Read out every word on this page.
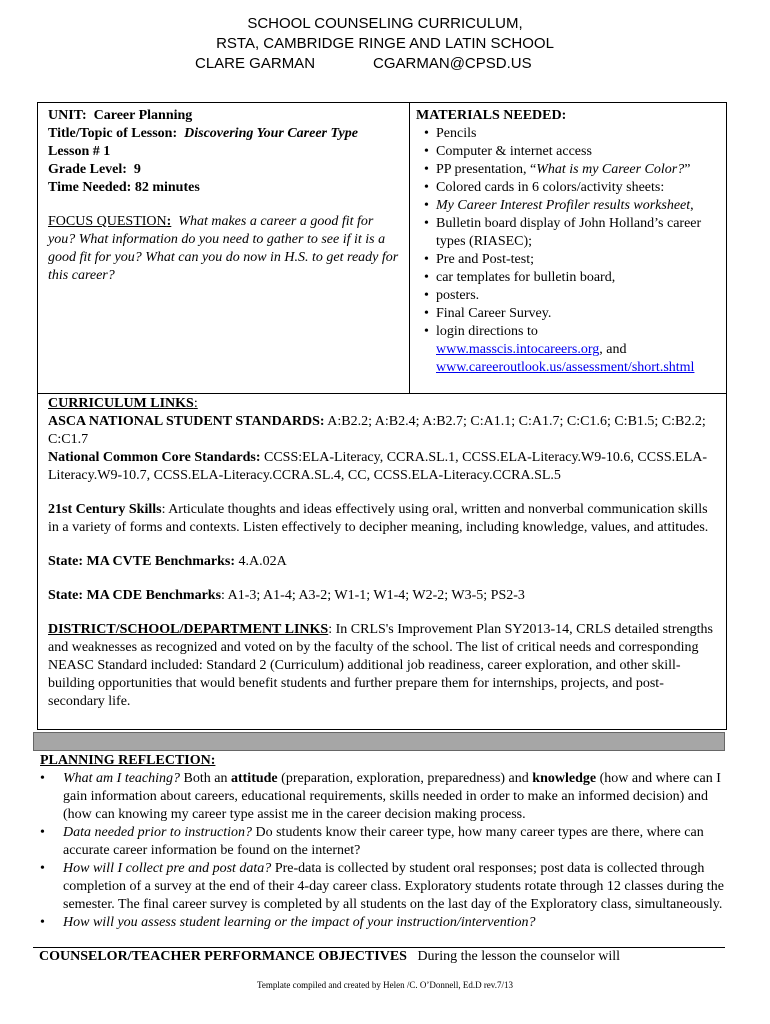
SCHOOL COUNSELING CURRICULUM,
RSTA, CAMBRIDGE RINGE AND LATIN SCHOOL
CLARE GARMAN	CGARMAN@CPSD.US
UNIT: Career Planning
Title/Topic of Lesson: Discovering Your Career Type
Lesson # 1
Grade Level: 9
Time Needed: 82 minutes
FOCUS QUESTION: What makes a career a good fit for you? What information do you need to gather to see if it is a good fit for you? What can you do now in H.S. to get ready for this career?
MATERIALS NEEDED:
• Pencils
• Computer & internet access
• PP presentation, “What is my Career Color?”
• Colored cards in 6 colors/activity sheets:
• My Career Interest Profiler results worksheet,
• Bulletin board display of John Holland’s career types (RIASEC);
• Pre and Post-test;
• car templates for bulletin board,
• posters.
• Final Career Survey.
• login directions to
www.masscis.intocareers.org, and
www.careeroutlook.us/assessment/short.shtml
CURRICULUM LINKS:
ASCA NATIONAL STUDENT STANDARDS: A:B2.2; A:B2.4; A:B2.7; C:A1.1; C:A1.7; C:C1.6; C:B1.5; C:B2.2; C:C1.7
National Common Core Standards: CCSS:ELA-Literacy, CCRA.SL.1, CCSS.ELA-Literacy.W9-10.6, CCSS.ELA-Literacy.W9-10.7, CCSS.ELA-Literacy.CCRA.SL.4, CC, CCSS.ELA-Literacy.CCRA.SL.5
21st Century Skills: Articulate thoughts and ideas effectively using oral, written and nonverbal communication skills in a variety of forms and contexts. Listen effectively to decipher meaning, including knowledge, values, and attitudes.
State: MA CVTE Benchmarks: 4.A.02A
State: MA CDE Benchmarks: A1-3; A1-4; A3-2; W1-1; W1-4; W2-2; W3-5; PS2-3
DISTRICT/SCHOOL/DEPARTMENT LINKS: In CRLS's Improvement Plan SY2013-14, CRLS detailed strengths and weaknesses as recognized and voted on by the faculty of the school. The list of critical needs and corresponding NEASC Standard included: Standard 2 (Curriculum) additional job readiness, career exploration, and other skill-building opportunities that would benefit students and further prepare them for internships, projects, and post-secondary life.
PLANNING REFLECTION:
• What am I teaching? Both an attitude (preparation, exploration, preparedness) and knowledge (how and where can I gain information about careers, educational requirements, skills needed in order to make an informed decision) and (how can knowing my career type assist me in the career decision making process.
• Data needed prior to instruction? Do students know their career type, how many career types are there, where can accurate career information be found on the internet?
• How will I collect pre and post data? Pre-data is collected by student oral responses; post data is collected through completion of a survey at the end of their 4-day career class. Exploratory students rotate through 12 classes during the semester. The final career survey is completed by all students on the last day of the Exploratory class, simultaneously.
• How will you assess student learning or the impact of your instruction/intervention?
COUNSELOR/TEACHER PERFORMANCE OBJECTIVES During the lesson the counselor will
Template compiled and created by Helen /C. O’Donnell, Ed.D rev.7/13
